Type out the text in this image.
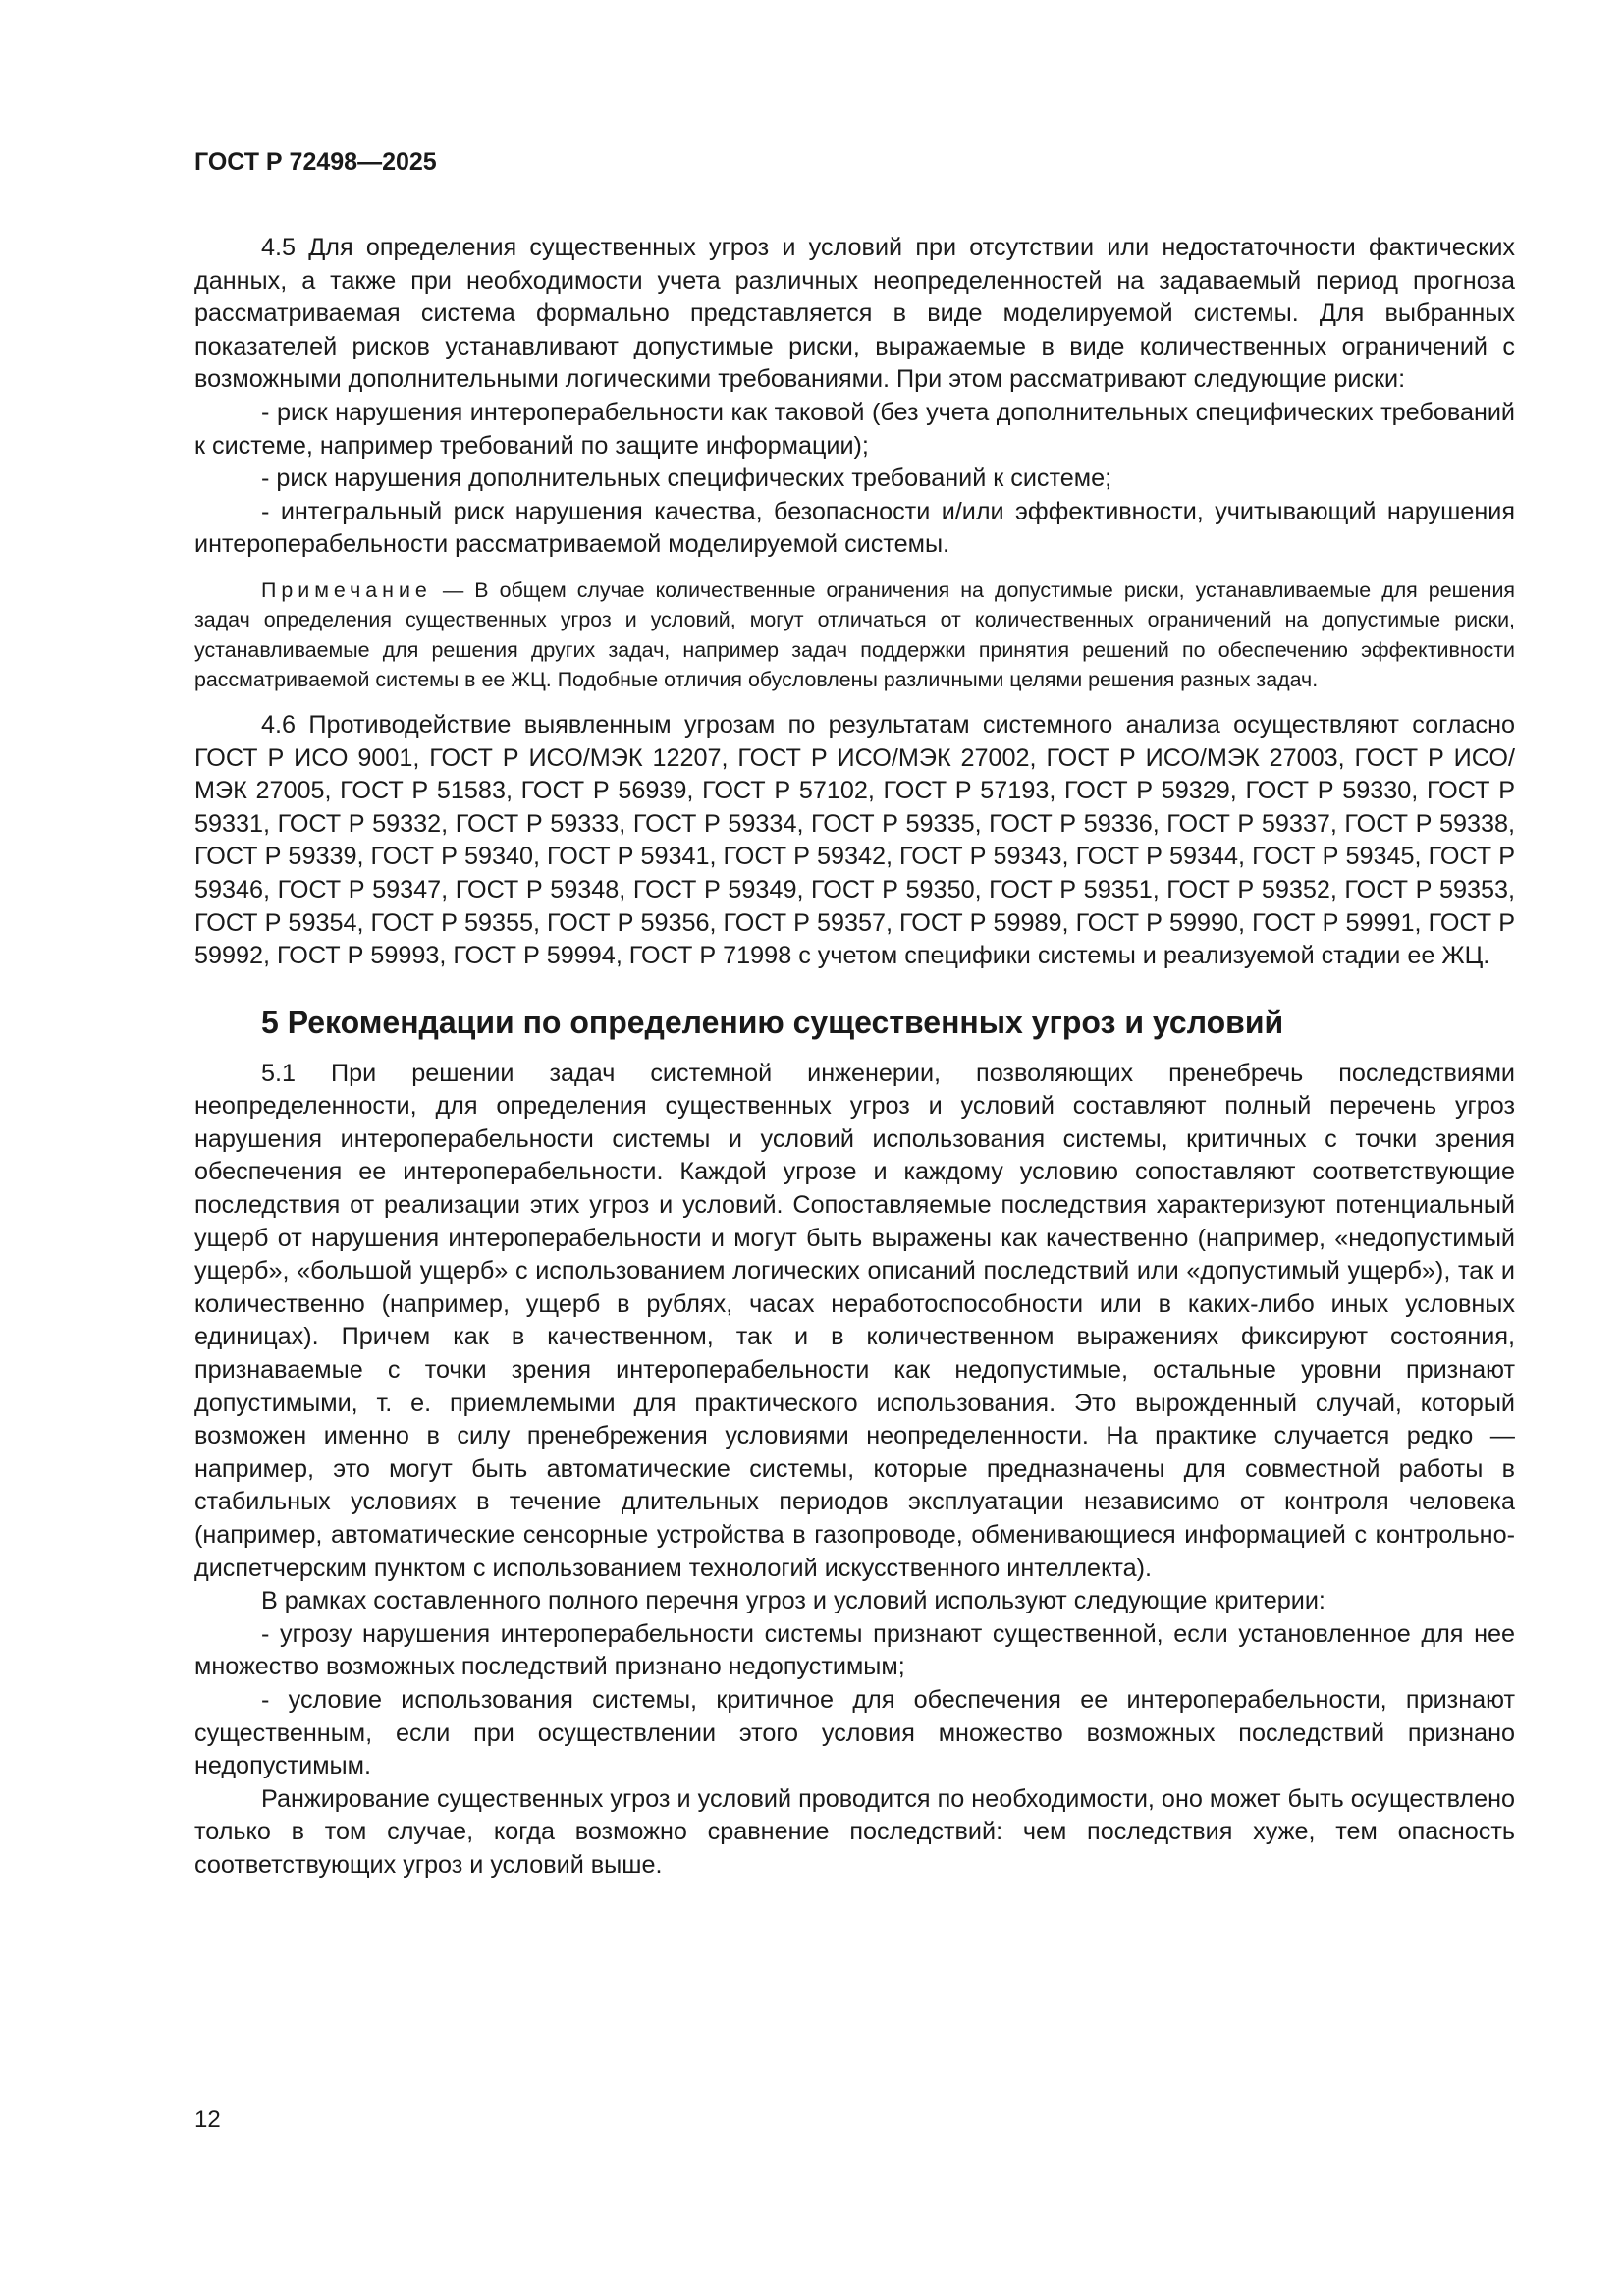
ГОСТ Р 72498—2025

4.5 Для определения существенных угроз и условий при отсутствии или недостаточности фактических данных, а также при необходимости учета различных неопределенностей на задаваемый период прогноза рассматриваемая система формально представляется в виде моделируемой системы. Для выбранных показателей рисков устанавливают допустимые риски, выражаемые в виде количественных ограничений с возможными дополнительными логическими требованиями. При этом рассматривают следующие риски:

- риск нарушения интероперабельности как таковой (без учета дополнительных специфических требований к системе, например требований по защите информации);

- риск нарушения дополнительных специфических требований к системе;

- интегральный риск нарушения качества, безопасности и/или эффективности, учитывающий нарушения интероперабельности рассматриваемой моделируемой системы.

Примечание — В общем случае количественные ограничения на допустимые риски, устанавливаемые для решения задач определения существенных угроз и условий, могут отличаться от количественных ограничений на допустимые риски, устанавливаемые для решения других задач, например задач поддержки принятия решений по обеспечению эффективности рассматриваемой системы в ее ЖЦ. Подобные отличия обусловлены различными целями решения разных задач.

4.6 Противодействие выявленным угрозам по результатам системного анализа осуществляют согласно ГОСТ Р ИСО 9001, ГОСТ Р ИСО/МЭК 12207, ГОСТ Р ИСО/МЭК 27002, ГОСТ Р ИСО/МЭК 27003, ГОСТ Р ИСО/МЭК 27005, ГОСТ Р 51583, ГОСТ Р 56939, ГОСТ Р 57102, ГОСТ Р 57193, ГОСТ Р 59329, ГОСТ Р 59330, ГОСТ Р 59331, ГОСТ Р 59332, ГОСТ Р 59333, ГОСТ Р 59334, ГОСТ Р 59335, ГОСТ Р 59336, ГОСТ Р 59337, ГОСТ Р 59338, ГОСТ Р 59339, ГОСТ Р 59340, ГОСТ Р 59341, ГОСТ Р 59342, ГОСТ Р 59343, ГОСТ Р 59344, ГОСТ Р 59345, ГОСТ Р 59346, ГОСТ Р 59347, ГОСТ Р 59348, ГОСТ Р 59349, ГОСТ Р 59350, ГОСТ Р 59351, ГОСТ Р 59352, ГОСТ Р 59353, ГОСТ Р 59354, ГОСТ Р 59355, ГОСТ Р 59356, ГОСТ Р 59357, ГОСТ Р 59989, ГОСТ Р 59990, ГОСТ Р 59991, ГОСТ Р 59992, ГОСТ Р 59993, ГОСТ Р 59994, ГОСТ Р 71998 с учетом специфики системы и реализуемой стадии ее ЖЦ.

5 Рекомендации по определению существенных угроз и условий

5.1 При решении задач системной инженерии, позволяющих пренебречь последствиями неопределенности, для определения существенных угроз и условий составляют полный перечень угроз нарушения интероперабельности системы и условий использования системы, критичных с точки зрения обеспечения ее интероперабельности. Каждой угрозе и каждому условию сопоставляют соответствующие последствия от реализации этих угроз и условий. Сопоставляемые последствия характеризуют потенциальный ущерб от нарушения интероперабельности и могут быть выражены как качественно (например, «недопустимый ущерб», «большой ущерб» с использованием логических описаний последствий или «допустимый ущерб»), так и количественно (например, ущерб в рублях, часах неработоспособности или в каких-либо иных условных единицах). Причем как в качественном, так и в количественном выражениях фиксируют состояния, признаваемые с точки зрения интероперабельности как недопустимые, остальные уровни признают допустимыми, т. е. приемлемыми для практического использования. Это вырожденный случай, который возможен именно в силу пренебрежения условиями неопределенности. На практике случается редко — например, это могут быть автоматические системы, которые предназначены для совместной работы в стабильных условиях в течение длительных периодов эксплуатации независимо от контроля человека (например, автоматические сенсорные устройства в газопроводе, обменивающиеся информацией с контрольно-диспетчерским пунктом с использованием технологий искусственного интеллекта).

В рамках составленного полного перечня угроз и условий используют следующие критерии:

- угрозу нарушения интероперабельности системы признают существенной, если установленное для нее множество возможных последствий признано недопустимым;

- условие использования системы, критичное для обеспечения ее интероперабельности, признают существенным, если при осуществлении этого условия множество возможных последствий признано недопустимым.

Ранжирование существенных угроз и условий проводится по необходимости, оно может быть осуществлено только в том случае, когда возможно сравнение последствий: чем последствия хуже, тем опасность соответствующих угроз и условий выше.

12
